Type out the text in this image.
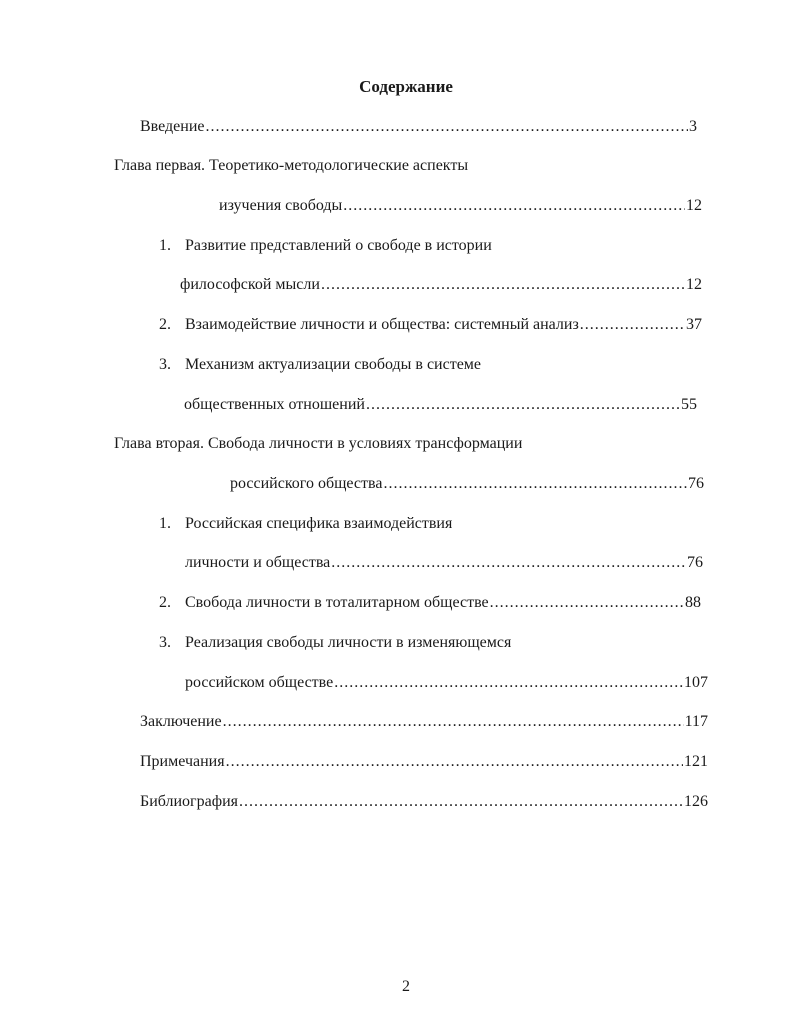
Содержание
Введение .....	3
Глава первая. Теоретико-методологические аспекты
изучения свободы .....	12
1. Развитие представлений о свободе в истории
философской мысли .....	12
2. Взаимодействие личности и общества: системный анализ .....	37
3. Механизм актуализации свободы в системе
общественных отношений .....	55
Глава вторая. Свобода личности в условиях трансформации
российского общества .....	76
1. Российская специфика взаимодействия
личности и общества .....	76
2. Свобода личности в тоталитарном обществе .....	88
3. Реализация свободы личности в изменяющемся
российском обществе .....	107
Заключение .....	117
Примечания .....	121
Библиография .....	126
2
